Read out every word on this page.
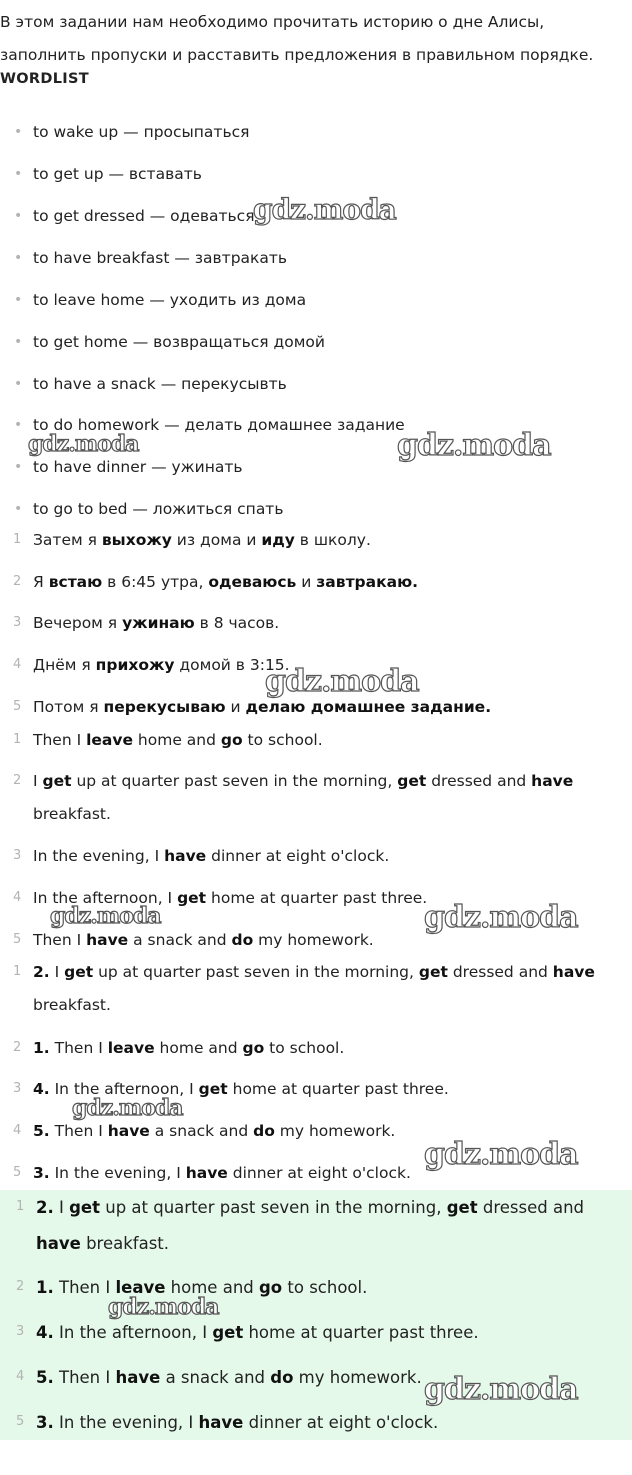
В этом задании нам необходимо прочитать историю о дне Алисы, заполнить пропуски и расставить предложения в правильном порядке.

WORDLIST

• to wake up — просыпаться
• to get up — вставать
• to get dressed — одеваться
• to have breakfast — завтракать
• to leave home — уходить из дома
• to get home — возвращаться домой
• to have a snack — перекусывть
• to do homework — делать домашнее задание
• to have dinner — ужинать
• to go to bed — ложиться спать
1 Затем я выхожу из дома и иду в школу.
2 Я встаю в 6:45 утра, одеваюсь и завтракаю.
3 Вечером я ужинаю в 8 часов.
4 Днём я прихожу домой в 3:15.
5 Потом я перекусываю и делаю домашнее задание.
1 Then I leave home and go to school.
2 I get up at quarter past seven in the morning, get dressed and have breakfast.
3 In the evening, I have dinner at eight o'clock.
4 In the afternoon, I get home at quarter past three.
5 Then I have a snack and do my homework.
1 2. I get up at quarter past seven in the morning, get dressed and have breakfast.
2 1. Then I leave home and go to school.
3 4. In the afternoon, I get home at quarter past three.
4 5. Then I have a snack and do my homework.
5 3. In the evening, I have dinner at eight o'clock.
1 2. I get up at quarter past seven in the morning, get dressed and have breakfast.
2 1. Then I leave home and go to school.
3 4. In the afternoon, I get home at quarter past three.
4 5. Then I have a snack and do my homework.
5 3. In the evening, I have dinner at eight o'clock.
gdz.moda
gdz.moda	gdz.moda
gdz.moda
gdz.moda	gdz.moda
gdz.moda
gdz.moda
gdz.moda
gdz.moda
